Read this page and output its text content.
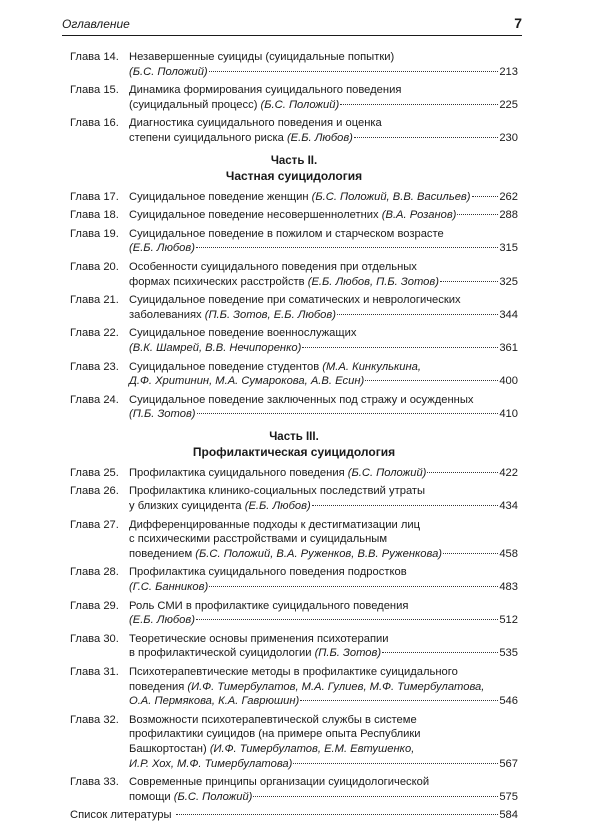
Оглавление	7
Глава 14. Незавершенные суициды (суицидальные попытки)
(Б.С. Положий)	213
Глава 15. Динамика формирования суицидального поведения
(суицидальный процесс) (Б.С. Положий)	225
Глава 16. Диагностика суицидального поведения и оценка
степени суицидального риска (Е.Б. Любов)	230
Часть II.
Частная суицидология
Глава 17. Суицидальное поведение женщин (Б.С. Положий, В.В. Васильев)	262
Глава 18. Суицидальное поведение несовершеннолетних (В.А. Розанов)	288
Глава 19. Суицидальное поведение в пожилом и старческом возрасте
(Е.Б. Любов)	315
Глава 20. Особенности суицидального поведения при отдельных
формах психических расстройств (Е.Б. Любов, П.Б. Зотов)	325
Глава 21. Суицидальное поведение при соматических и неврологических
заболеваниях (П.Б. Зотов, Е.Б. Любов)	344
Глава 22. Суицидальное поведение военнослужащих
(В.К. Шамрей, В.В. Нечипоренко)	361
Глава 23. Суицидальное поведение студентов (М.А. Кинкулькина,
Д.Ф. Хритинин, М.А. Сумарокова, А.В. Есин)	400
Глава 24. Суицидальное поведение заключенных под стражу и осужденных
(П.Б. Зотов)	410
Часть III.
Профилактическая суицидология
Глава 25. Профилактика суицидального поведения (Б.С. Положий)	422
Глава 26. Профилактика клинико-социальных последствий утраты
у близких суицидента (Е.Б. Любов)	434
Глава 27. Дифференцированные подходы к дестигматизации лиц
с психическими расстройствами и суицидальным
поведением (Б.С. Положий, В.А. Руженков, В.В. Руженкова)	458
Глава 28. Профилактика суицидального поведения подростков
(Г.С. Банников)	483
Глава 29. Роль СМИ в профилактике суицидального поведения
(Е.Б. Любов)	512
Глава 30. Теоретические основы применения психотерапии
в профилактической суицидологии (П.Б. Зотов)	535
Глава 31. Психотерапевтические методы в профилактике суицидального
поведения (И.Ф. Тимербулатов, М.А. Гулиев, М.Ф. Тимербулатова,
О.А. Пермякова, К.А. Гаврюшин)	546
Глава 32. Возможности психотерапевтической службы в системе
профилактики суицидов (на примере опыта Республики
Башкортостан) (И.Ф. Тимербулатов, Е.М. Евтушенко,
И.Р. Хох, М.Ф. Тимербулатова)	567
Глава 33. Современные принципы организации суицидологической
помощи (Б.С. Положий)	575
Список литературы	584
